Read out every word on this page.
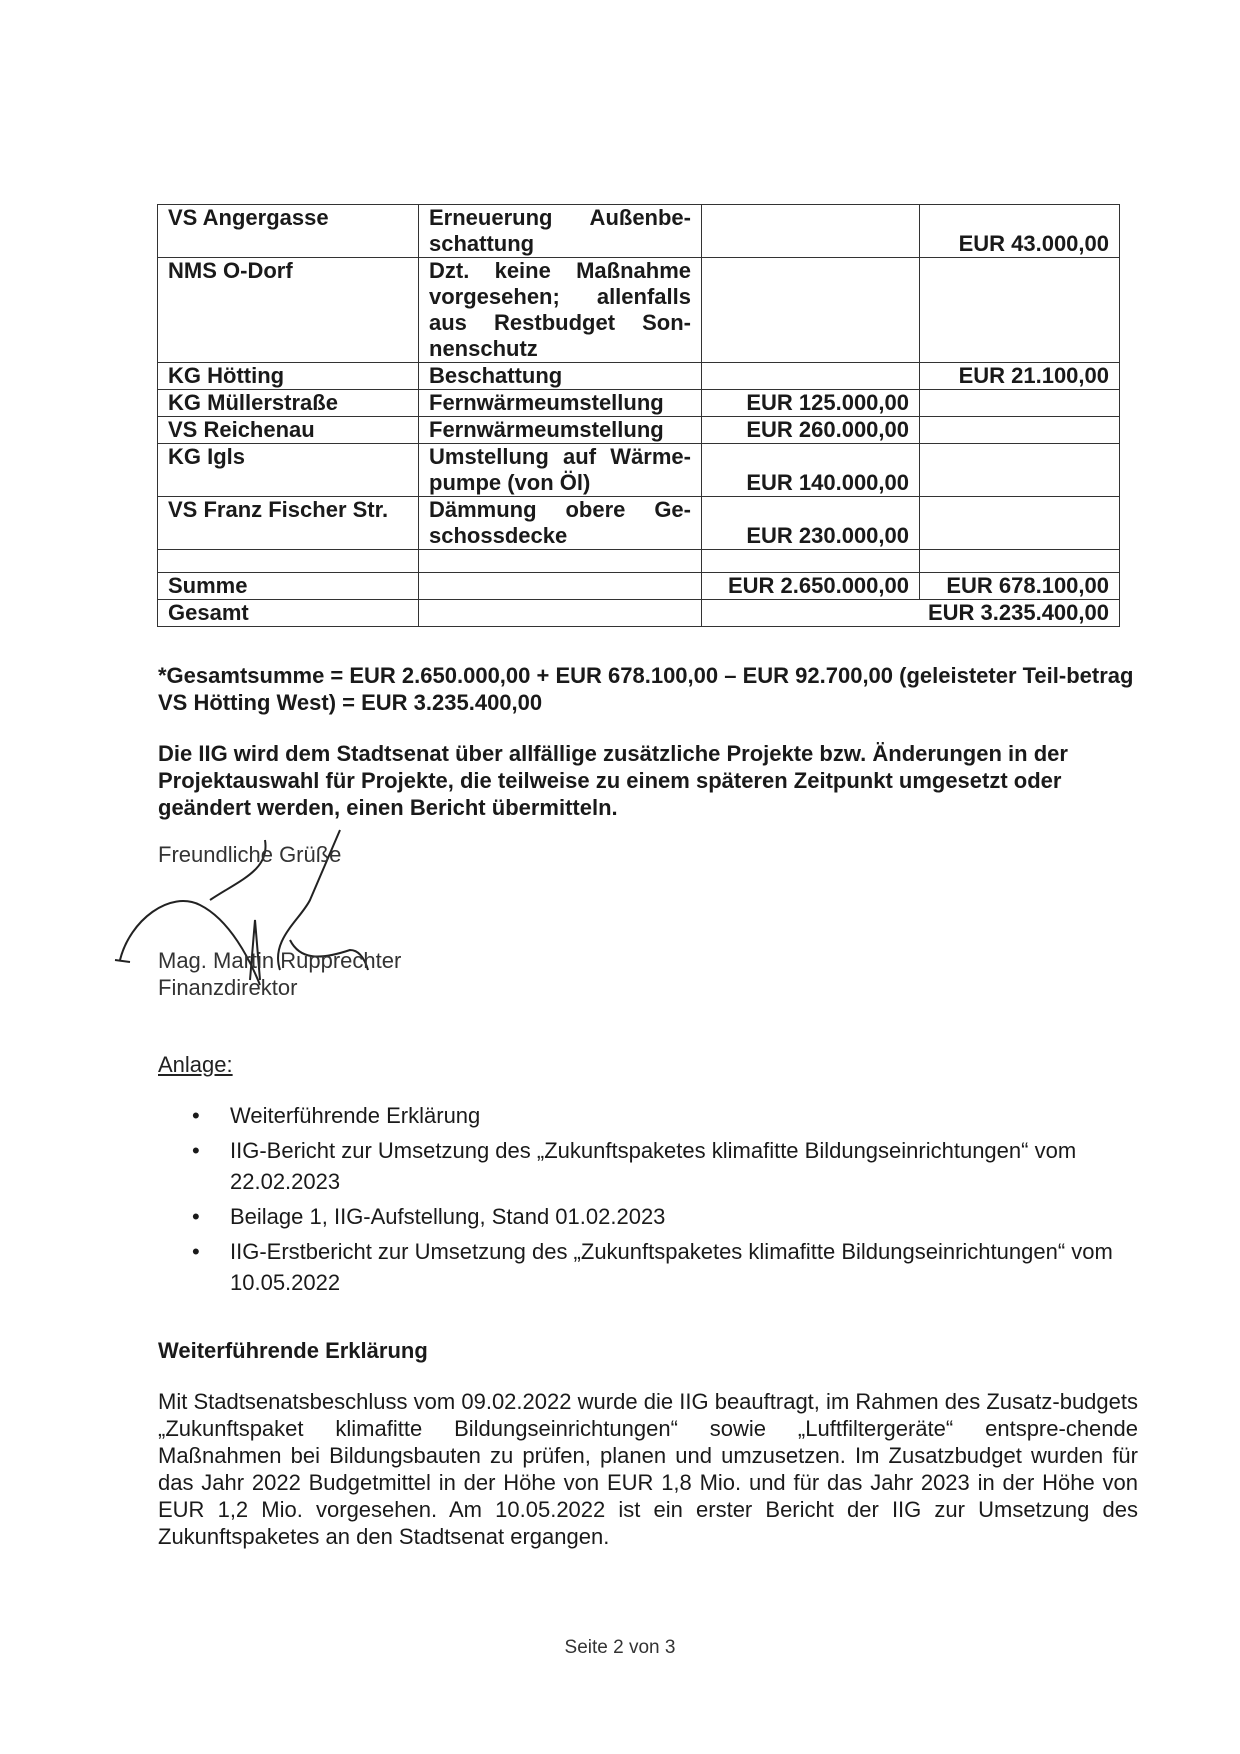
VS Angergasse	Erneuerung Außenbe-schattung		EUR 43.000,00
NMS O-Dorf	Dzt. keine Maßnahme vorgesehen; allenfalls aus Restbudget Son-nenschutz		
KG Hötting	Beschattung		EUR 21.100,00
KG Müllerstraße	Fernwärmeumstellung	EUR 125.000,00	
VS Reichenau	Fernwärmeumstellung	EUR 260.000,00	
KG Igls	Umstellung auf Wärme-pumpe (von Öl)	EUR 140.000,00	
VS Franz Fischer Str.	Dämmung obere Ge-schossdecke	EUR 230.000,00	

Summe		EUR 2.650.000,00	EUR 678.100,00
Gesamt		EUR 3.235.400,00	
*Gesamtsumme = EUR 2.650.000,00 + EUR 678.100,00 – EUR 92.700,00 (geleisteter Teil-betrag VS Hötting West) = EUR 3.235.400,00
Die IIG wird dem Stadtsenat über allfällige zusätzliche Projekte bzw. Änderungen in der Projektauswahl für Projekte, die teilweise zu einem späteren Zeitpunkt umgesetzt oder geändert werden, einen Bericht übermitteln.
Freundliche Grüße
Mag. Martin Rupprechter
Finanzdirektor
Anlage:
• Weiterführende Erklärung
• IIG-Bericht zur Umsetzung des „Zukunftspaketes klimafitte Bildungseinrichtungen“ vom 22.02.2023
• Beilage 1, IIG-Aufstellung, Stand 01.02.2023
• IIG-Erstbericht zur Umsetzung des „Zukunftspaketes klimafitte Bildungseinrichtungen“ vom 10.05.2022
Weiterführende Erklärung
Mit Stadtsenatsbeschluss vom 09.02.2022 wurde die IIG beauftragt, im Rahmen des Zusatz-budgets „Zukunftspaket klimafitte Bildungseinrichtungen“ sowie „Luftfiltergeräte“ entspre-chende Maßnahmen bei Bildungsbauten zu prüfen, planen und umzusetzen. Im Zusatzbudget wurden für das Jahr 2022 Budgetmittel in der Höhe von EUR 1,8 Mio. und für das Jahr 2023 in der Höhe von EUR 1,2 Mio. vorgesehen. Am 10.05.2022 ist ein erster Bericht der IIG zur Umsetzung des Zukunftspaketes an den Stadtsenat ergangen.
Seite 2 von 3
